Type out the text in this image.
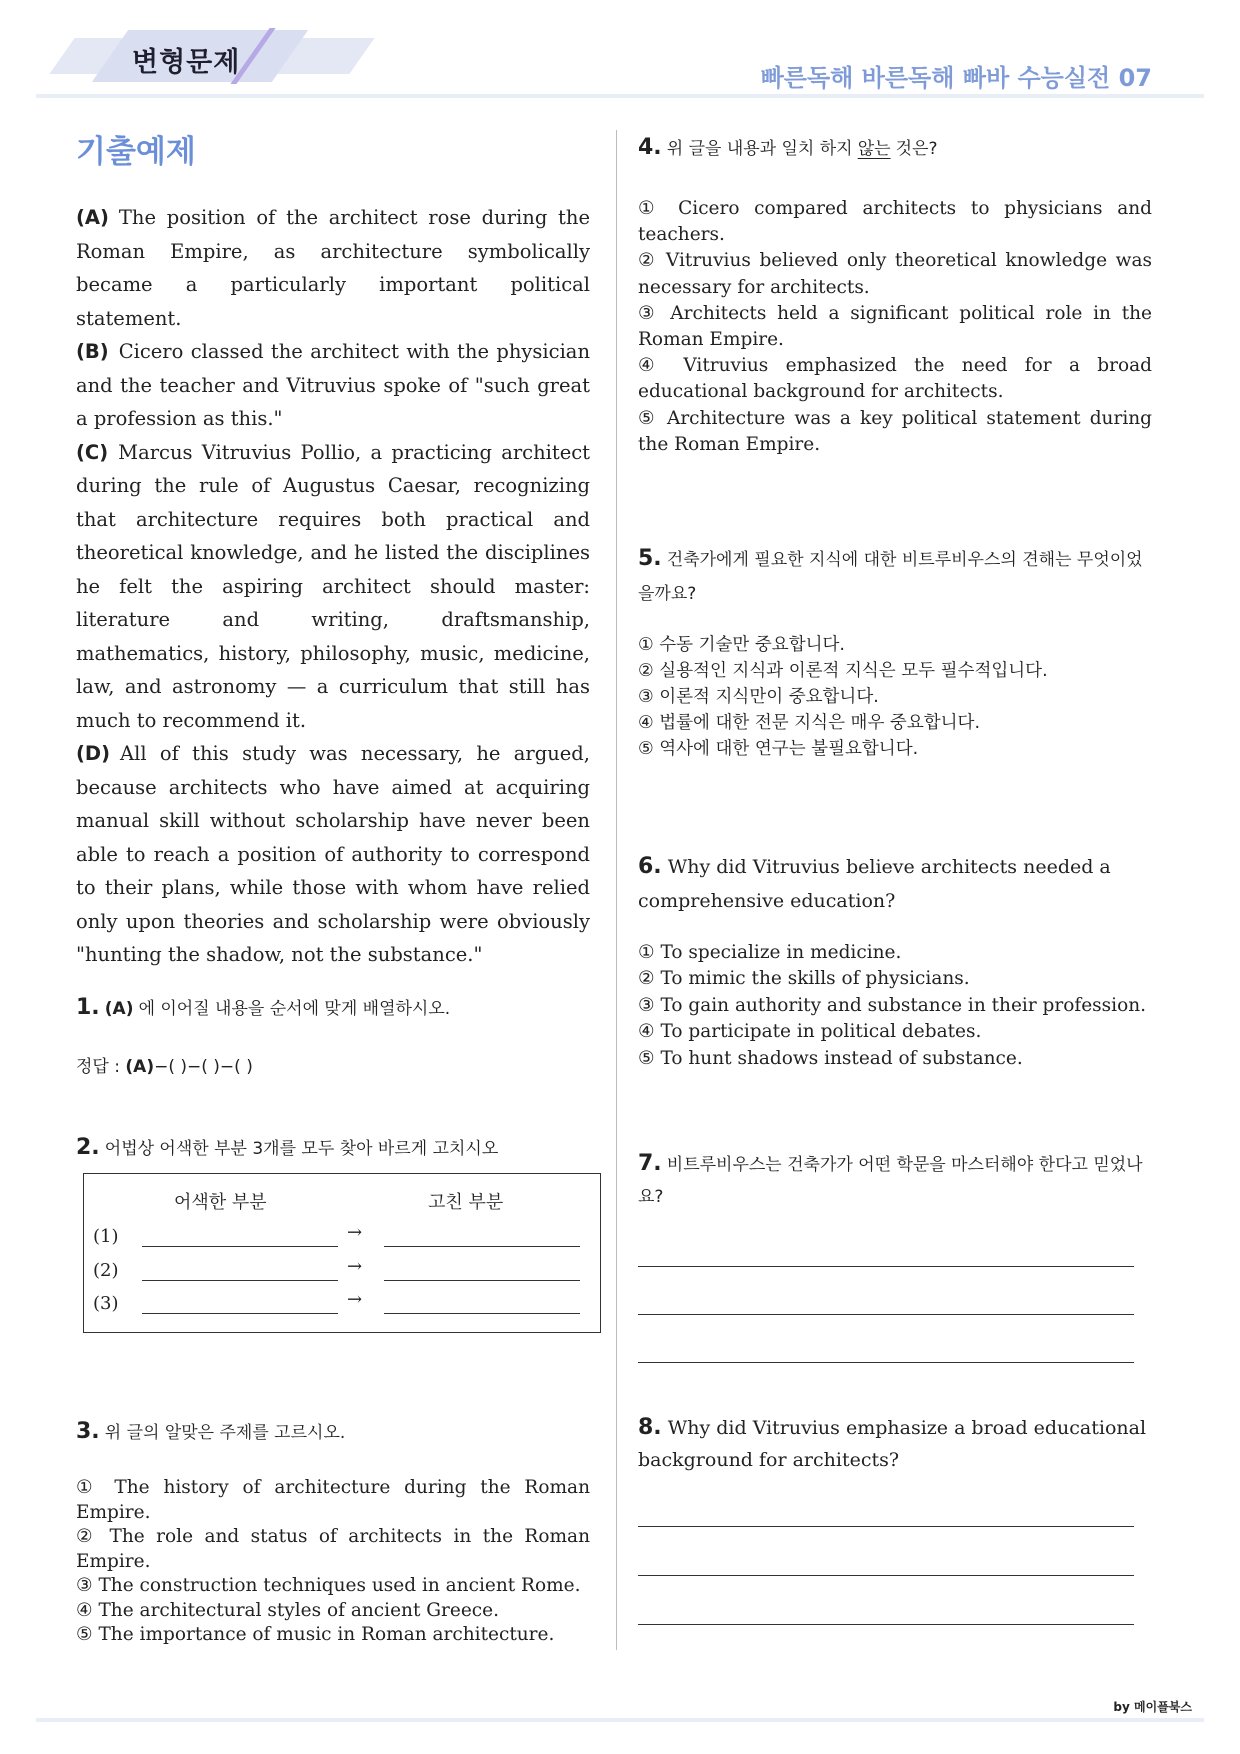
변형문제	빠른독해 바른독해 빠바 수능실전 07
기출예제
(A) The position of the architect rose during the Roman Empire, as architecture symbolically became a particularly important political statement.
(B) Cicero classed the architect with the physician and the teacher and Vitruvius spoke of "such great a profession as this."
(C) Marcus Vitruvius Pollio, a practicing architect during the rule of Augustus Caesar, recognizing that architecture requires both practical and theoretical knowledge, and he listed the disciplines he felt the aspiring architect should master: literature and writing, draftsmanship, mathematics, history, philosophy, music, medicine, law, and astronomy — a curriculum that still has much to recommend it.
(D) All of this study was necessary, he argued, because architects who have aimed at acquiring manual skill without scholarship have never been able to reach a position of authority to correspond to their plans, while those with whom have relied only upon theories and scholarship were obviously "hunting the shadow, not the substance."
1. (A) 에 이어질 내용을 순서에 맞게 배열하시오.
정답 : (A)−( )−( )−( )
2. 어법상 어색한 부분 3개를 모두 찾아 바르게 고치시오
어색한 부분	고친 부분
(1)	→
(2)	→
(3)	→
3. 위 글의 알맞은 주제를 고르시오.
① The history of architecture during the Roman Empire.
② The role and status of architects in the Roman Empire.
③ The construction techniques used in ancient Rome.
④ The architectural styles of ancient Greece.
⑤ The importance of music in Roman architecture.
4. 위 글을 내용과 일치 하지 않는 것은?
① Cicero compared architects to physicians and teachers.
② Vitruvius believed only theoretical knowledge was necessary for architects.
③ Architects held a significant political role in the Roman Empire.
④ Vitruvius emphasized the need for a broad educational background for architects.
⑤ Architecture was a key political statement during the Roman Empire.
5. 건축가에게 필요한 지식에 대한 비트루비우스의 견해는 무엇이었을까요?
① 수동 기술만 중요합니다.
② 실용적인 지식과 이론적 지식은 모두 필수적입니다.
③ 이론적 지식만이 중요합니다.
④ 법률에 대한 전문 지식은 매우 중요합니다.
⑤ 역사에 대한 연구는 불필요합니다.
6. Why did Vitruvius believe architects needed a comprehensive education?
① To specialize in medicine.
② To mimic the skills of physicians.
③ To gain authority and substance in their profession.
④ To participate in political debates.
⑤ To hunt shadows instead of substance.
7. 비트루비우스는 건축가가 어떤 학문을 마스터해야 한다고 믿었나요?
8. Why did Vitruvius emphasize a broad educational background for architects?
by 메이플북스
